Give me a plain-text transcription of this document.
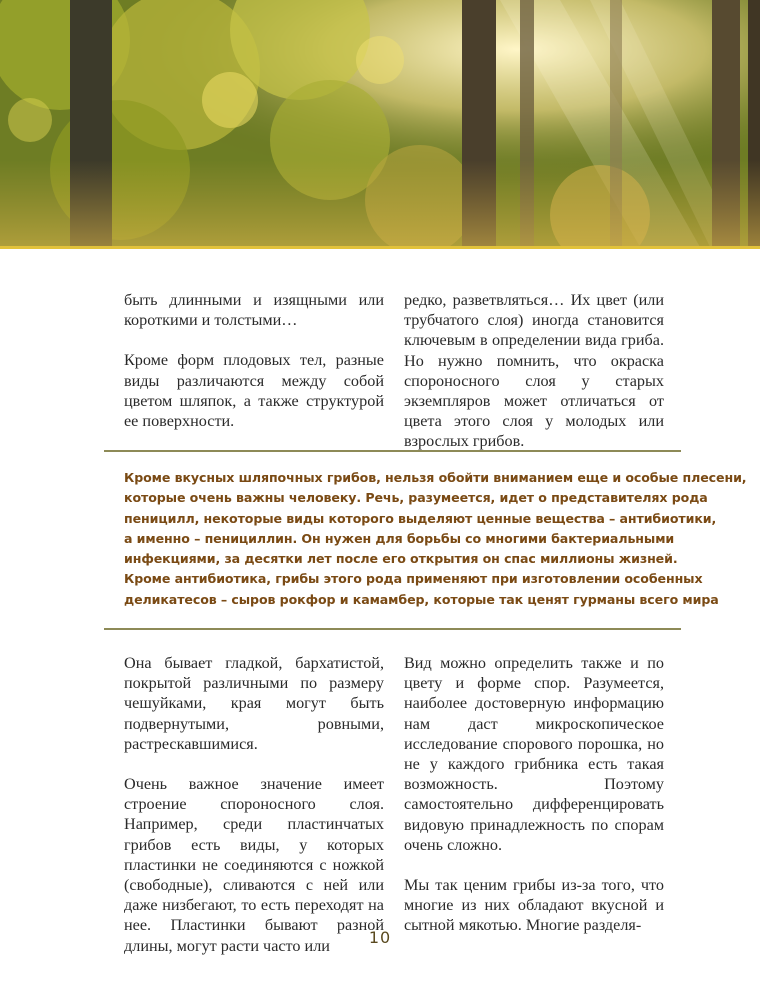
быть длинными и изящными или короткими и толстыми…

Кроме форм плодовых тел, разные виды различаются между собой цветом шляпок, а также структурой ее поверхности.

редко, разветвляться… Их цвет (или трубчатого слоя) иногда становится ключевым в определении вида гриба. Но нужно помнить, что окраска спороносного слоя у старых экземпляров может отличаться от цвета этого слоя у молодых или взрослых грибов.

Кроме вкусных шляпочных грибов, нельзя обойти вниманием еще и особые плесени,
которые очень важны человеку. Речь, разумеется, идет о представителях рода
пеницилл, некоторые виды которого выделяют ценные вещества – антибиотики,
а именно – пенициллин. Он нужен для борьбы со многими бактериальными
инфекциями, за десятки лет после его открытия он спас миллионы жизней.
Кроме антибиотика, грибы этого рода применяют при изготовлении особенных
деликатесов – сыров рокфор и камамбер, которые так ценят гурманы всего мира

Она бывает гладкой, бархатистой, покрытой различными по размеру чешуйками, края могут быть подвернутыми, ровными, растрескавшимися.

Очень важное значение имеет строение спороносного слоя. Например, среди пластинчатых грибов есть виды, у которых пластинки не соединяются с ножкой (свободные), сливаются с ней или даже низбегают, то есть переходят на нее. Пластинки бывают разной длины, могут расти часто или

Вид можно определить также и по цвету и форме спор. Разумеется, наиболее достоверную информацию нам даст микроскопическое исследование спорового порошка, но не у каждого грибника есть такая возможность. Поэтому самостоятельно дифференцировать видовую принадлежность по спорам очень сложно.

Мы так ценим грибы из-за того, что многие из них обладают вкусной и сытной мякотью. Многие разделя-

10
